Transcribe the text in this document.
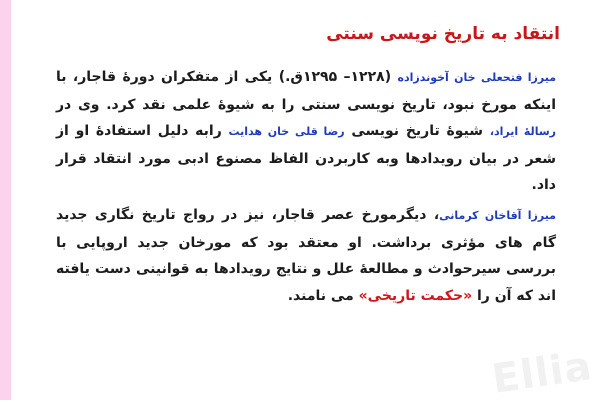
انتقاد به تاریخ نویسی سنتی

میرزا فتحعلی خان آخوندزاده (۱۲۲۸– ۱۲۹۵ق.) یکی از متفکران دورهٔ قاجار، با اینکه مورخ نبود، تاریخ نویسی سنتی را به شیوهٔ علمی نقد کرد. وی در رسالهٔ ایراد، شیوهٔ تاریخ نویسی رضا قلی خان هدایت رابه دلیل استفادهٔ او از شعر در بیان رویدادها وبه کاربردن الفاظ مصنوع ادبی مورد انتقاد قرار داد.

میرزا آقاخان کرمانی، دیگرمورخ عصر قاجار، نیز در رواج تاریخ نگاری جدید گام های مؤثری برداشت. او معتقد بود که مورخان جدید اروپایی با بررسی سیرحوادث و مطالعهٔ علل و نتایج رویدادها به قوانینی دست یافته اند که آن را «حکمت تاریخی» می نامند.

Ellia
